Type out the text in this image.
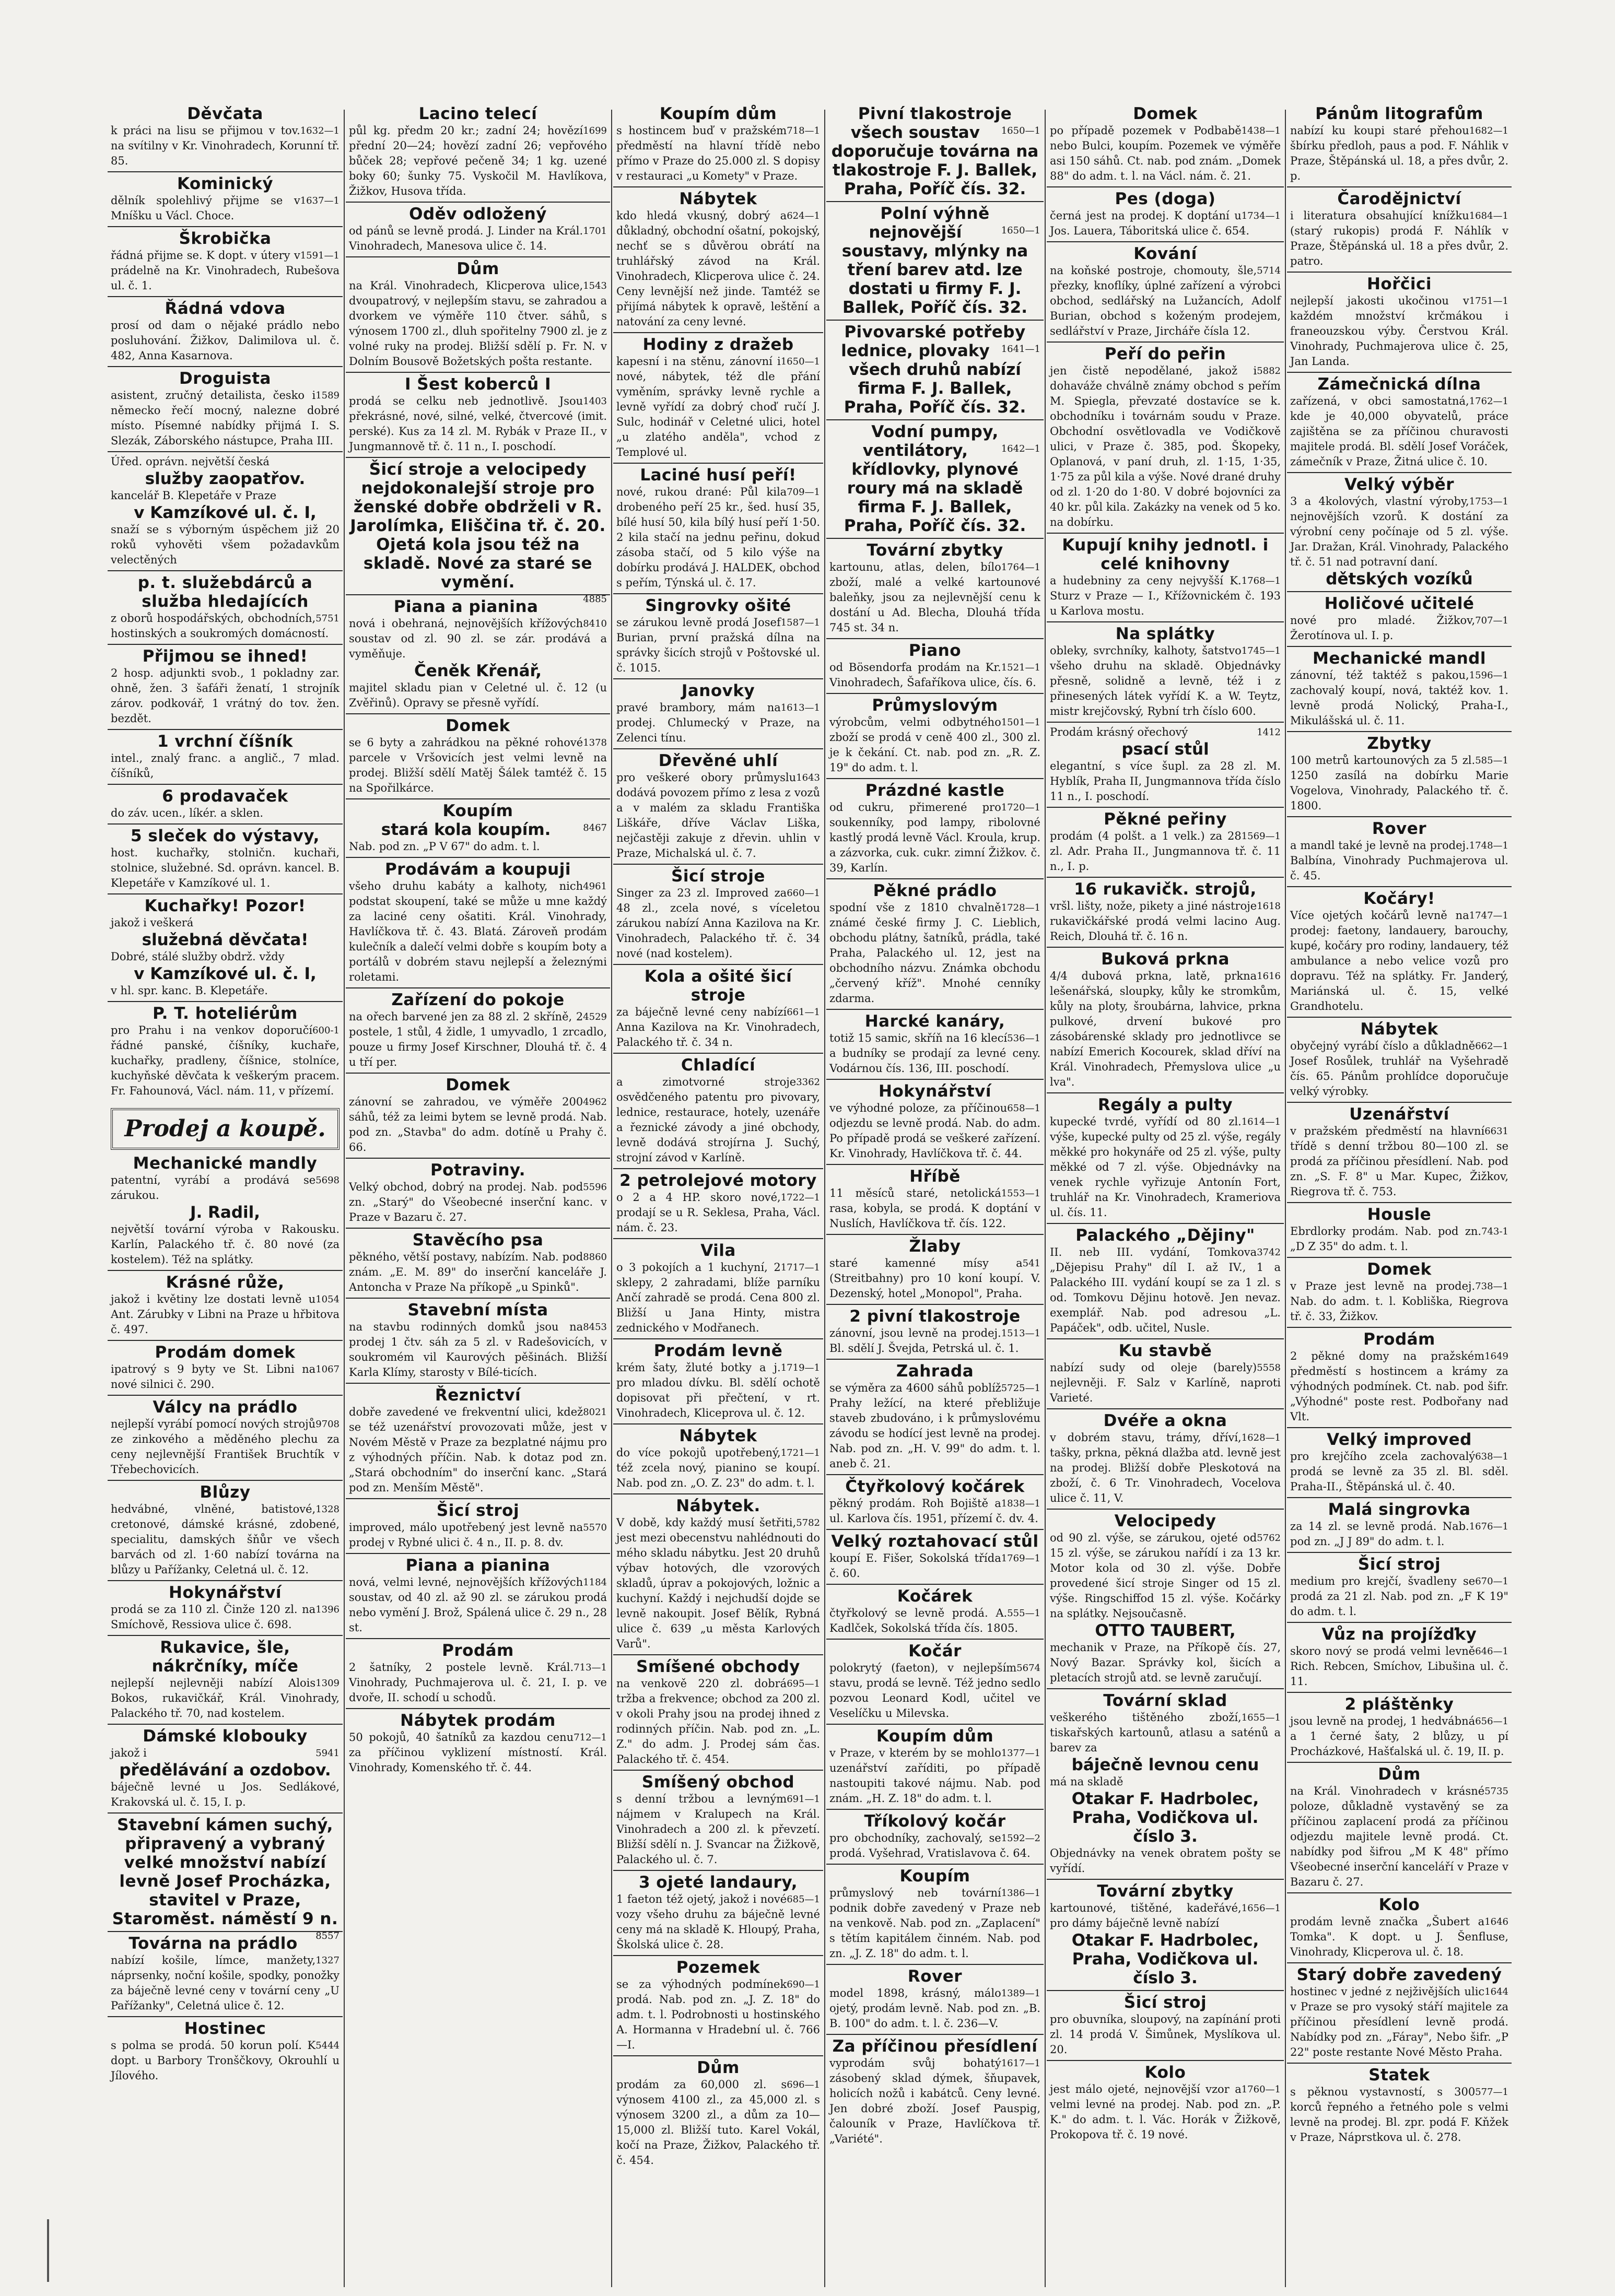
Děvčata

1632—1
k práci na lisu se přijmou v tov. na svítilny v Kr. Vinohradech, Korunní tř. 85.

Kominický

1637—1
dělník spolehlivý přijme se v Mníšku u Václ. Choce.

Škrobička

1591—1
řádná přijme se. K dopt. v útery v prádelně na Kr. Vinohradech, Rubešova ul. č. 1.

Řádná vdova

prosí od dam o nějaké prádlo nebo posluhování. Žižkov, Dalimilova ul. č. 482, Anna Kasarnova.

Droguista

1589
asistent, zručný detailista, česko i německo řečí mocný, nalezne dobré místo. Písemné nabídky přijmá I. S. Slezák, Záborského nástupce, Praha III.

Úřed. oprávn. největší česká

služby zaopatřov.

kancelář B. Klepetáře v Praze

v Kamzíkové ul. č. I,

snaží se s výborným úspěchem již 20 roků vyhověti všem požadavkům velectěných

p. t. služebdárců a služba hledajících

5751
z oborů hospodářských, obchodních, hostinských a soukromých domácností.

Přijmou se ihned!

2 hosp. adjunkti svob., 1 pokladny zar. ohně, žen. 3 šafáři ženatí, 1 strojník zárov. podkovář, 1 vrátný do tov. žen. bezdět.

1 vrchní číšník

intel., znalý franc. a anglič., 7 mlad. číšníků,

6 prodavaček

do záv. ucen., líkér. a sklen.

5 sleček do výstavy,

host. kuchařky, stolničn. kuchaři, stolnice, služebné. Sd. oprávn. kancel. B. Klepetáře v Kamzíkové ul. 1.

Kuchařky! Pozor!

jakož i veškerá

služebná děvčata!

Dobré, stálé služby obdrž. vždy

v Kamzíkové ul. č. I,

v hl. spr. kanc. B. Klepetáře.

P. T. hoteliérům

600-1
pro Prahu i na venkov doporučí řádné panské, číšníky, kuchaře, kuchařky, pradleny, číšnice, stolníce, kuchyňské děvčata k veškerým pracem. Fr. Fahounová, Václ. nám. 11, v přízemí.

Prodej a koupě.
Mechanické mandly

5698
patentní, vyrábí a prodává se zárukou.

J. Radil,

největší tovární výroba v Rakousku. Karlín, Palackého tř. č. 80 nové (za kostelem). Též na splátky.

Krásné růže,

1054
jakož i květiny lze dostati levně u Ant. Zárubky v Libni na Praze u hřbitova č. 497.

Prodám domek

1067
ipatrový s 9 byty ve St. Libni na nové silnici č. 290.

Válcy na prádlo

9708
nejlepší vyrábí pomocí nových strojů ze zinkového a měděného plechu za ceny nejlevnější František Bruchtík v Třebechovicích.

Blůzy

1328
hedvábné, vlněné, batistové, cretonové, dámské krásné, zdobené, specialitu, damských šňůr ve všech barvách od zl. 1·60 nabízí továrna na blůzy u Pařížanky, Celetná ul. č. 12.

Hokynářství

1396
prodá se za 110 zl. Činže 120 zl. na Smíchově, Ressiova ulice č. 698.

Rukavice, šle, nákrčníky, míče

1309
nejlepší nejlevněji nabízí Alois Bokos, rukavičkář, Král. Vinohrady, Palackého tř. 70, nad kostelem.

Dámské klobouky

5941
jakož i

předělávání a ozdobov.

báječně levné u Jos. Sedlákové, Krakovská ul. č. 15, I. p.

Stavební kámen suchý, připravený a vybraný velké množství nabízí levně Josef Procházka, stavitel v Praze, Staroměst. náměstí 9 n.

8557

Továrna na prádlo

1327
nabízí košile, límce, manžety, náprsenky, noční košile, spodky, ponožky za báječně levné ceny v tovární ceny „U Pařížanky", Celetná ulice č. 12.

Hostinec

5444
s polma se prodá. 50 korun polí. K dopt. u Barbory Tronščkovy, Okrouhlí u Jílového.

Lacino telecí

1699
půl kg. předm 20 kr.; zadní 24; hovězí přední 20—24; hovězí zadní 26; vepřového bůček 28; vepřové pečeně 34; 1 kg. uzené boky 60; šunky 75. Vyskočil M. Havlíkova, Žižkov, Husova třída.

Oděv odložený

1701
od pánů se levně prodá. J. Linder na Král. Vinohradech, Manesova ulice č. 14.

Dům

1543
na Král. Vinohradech, Klicperova ulice, dvoupatrový, v nejlepším stavu, se zahradou a dvorkem ve výměře 110 čtver. sáhů, s výnosem 1700 zl., dluh spořitelny 7900 zl. je z volné ruky na prodej. Bližší sdělí p. Fr. N. v Dolním Bousově Božetských pošta restante.

I Šest koberců I

1403
prodá se celku neb jednotlivě. Jsou překrásné, nové, silné, velké, čtvercové (imit. perské). Kus za 14 zl. M. Rybák v Praze II., v Jungmannově tř. č. 11 n., I. poschodí.

Šicí stroje a velocipedy nejdokonalejší stroje pro ženské dobře obdrželi v R. Jarolímka, Eliščina tř. č. 20. Ojetá kola jsou též na skladě. Nové za staré se vymění.

4885

Piana a pianina

8410
nová i obehraná, nejnovějších křížových soustav od zl. 90 zl. se zár. prodává a vyměňuje.

Čeněk Křenář,

majitel skladu pian v Celetné ul. č. 12 (u Zvěřinů). Opravy se přesně vyřídí.

Domek

1378
se 6 byty a zahrádkou na pěkné rohové parcele v Vršovicích jest velmi levně na prodej. Bližší sdělí Matěj Šálek tamtéž č. 15 na Spořilkárce.

Koupím

8467

stará kola koupím.

Nab. pod zn. „P V 67" do adm. t. l.

Prodávám a koupuji

4961
všeho druhu kabáty a kalhoty, nich podstat skoupení, také se může u mne každý za laciné ceny ošatiti. Král. Vinohrady, Havlíčkova tř. č. 43. Blatá. Zároveň prodám kulečník a dalečí velmi dobře s koupím boty a portálů v dobrém stavu nejlepší a železnými roletami.

Zařízení do pokoje

4529
na ořech barvené jen za 88 zl. 2 skříně, 2 postele, 1 stůl, 4 židle, 1 umyvadlo, 1 zrcadlo, pouze u firmy Josef Kirschner, Dlouhá tř. č. 4 u tří per.

Domek

4962
zánovní se zahradou, ve výměře 200 sáhů, též za leimi bytem se levně prodá. Nab. pod zn. „Stavba" do adm. dotíně u Prahy č. 66.

Potraviny.

5596
Velký obchod, dobrý na prodej. Nab. pod zn. „Starý" do Všeobecné inserční kanc. v Praze v Bazaru č. 27.

Stavěcího psa

8860
pěkného, větší postavy, nabízím. Nab. pod znám. „E. M. 89" do inserční kanceláře J. Antoncha v Praze Na příkopě „u Spinků".

Stavební místa

8453
na stavbu rodinných domků jsou na prodej 1 čtv. sáh za 5 zl. v Radešovicích, v soukromém vil Kaurových pěšinách. Bližší Karla Klímy, starosty v Bílé-ticích.

Řeznictví

8021
dobře zavedené ve frekventní ulici, kdež se též uzenářství provozovati může, jest v Novém Městě v Praze za bezplatné nájmu pro z výhodných příčin. Nab. k dotaz pod zn. „Stará obchodním" do inserční kanc. „Stará pod zn. Menším Městě".

Šicí stroj

5570
improved, málo upotřebený jest levně na prodej v Rybné ulici č. 4 n., II. p. 8. dv.

Piana a pianina

1184
nová, velmi levné, nejnovějších křížových soustav, od 40 zl. až 90 zl. se zárukou prodá nebo vymění J. Brož, Spálená ulice č. 29 n., 28 st.

Prodám

713—1
2 šatníky, 2 postele levně. Král. Vinohrady, Puchmajerova ul. č. 21, I. p. ve dvoře, II. schodí u schodů.

Nábytek prodám

712—1
50 pokojů, 40 šatníků za kazdou cenu za příčinou vyklizení místností. Král. Vinohrady, Komenského tř. č. 44.

Koupím dům

718—1
s hostincem buď v pražském předměstí na hlavní třídě nebo přímo v Praze do 25.000 zl. S dopisy v restauraci „u Komety" v Praze.

Nábytek

624—1
kdo hledá vkusný, dobrý a důkladný, obchodní ošatní, pokojský, nechť se s důvěrou obrátí na truhlářský závod na Král. Vinohradech, Klicperova ulice č. 24. Ceny levnější než jinde. Tamtéž se přijímá nábytek k opravě, leštění a natování za ceny levné.

Hodiny z dražeb

1650—1
kapesní i na stěnu, zánovní i nové, nábytek, též dle přání vyměním, správky levně rychle a levně vyřídí za dobrý choď ručí J. Sulc, hodinář v Celetné ulici, hotel „u zlatého anděla", vchod z Templové ul.

Laciné husí peří!

709—1
nové, rukou drané: Půl kila drobeného peří 25 kr., šed. husí 35, bílé husí 50, kila bílý husí peří 1·50. 2 kila stačí na jednu peřinu, dokud zásoba stačí, od 5 kilo výše na dobírku prodává J. HALDEK, obchod s peřím, Týnská ul. č. 17.

Singrovky ošité

1587—1
se zárukou levně prodá Josef Burian, první pražská dílna na správky šicích strojů v Poštovské ul. č. 1015.

Janovky

1613—1
pravé brambory, mám na prodej. Chlumecký v Praze, na Zelenci tínu.

Dřevěné uhlí

1643
pro veškeré obory průmyslu dodává povozem přímo z lesa z vozů a v malém za skladu Františka Liškáře, dříve Václav Liška, nejčastěji zakuje z dřevin. uhlin v Praze, Michalská ul. č. 7.

Šicí stroje

660—1
Singer za 23 zl. Improved za 48 zl., zcela nové, s víceletou zárukou nabízí Anna Kazilova na Kr. Vinohradech, Palackého tř. č. 34 nové (nad kostelem).

Kola a ošité šicí stroje

661—1
za báječně levné ceny nabízí Anna Kazilova na Kr. Vinohradech, Palackého tř. č. 34 n.

Chladící

3362
a zimotvorné stroje osvědčeného patentu pro pivovary, lednice, restaurace, hotely, uzenáře a řeznické závody a jiné obchody, levně dodává strojírna J. Suchý, strojní závod v Karlíně.

2 petrolejové motory

1722—1
o 2 a 4 HP. skoro nové, prodají se u R. Seklesa, Praha, Václ. nám. č. 23.

Vila

1717—1
o 3 pokojích a 1 kuchyní, 2 sklepy, 2 zahradami, blíže parníku Ančí zahradě se prodá. Cena 800 zl. Bližší u Jana Hinty, mistra zednického v Modřanech.

Prodám levně

1719—1
krém šaty, žluté botky a j. pro mladou dívku. Bl. sdělí ochotě dopisovat při přečtení, v rt. Vinohradech, Kliceprova ul. č. 12.

Nábytek

1721—1
do více pokojů upotřebený, též zcela nový, pianino se koupí. Nab. pod zn. „O. Z. 23" do adm. t. l.

Nábytek.

5782
V době, kdy každý musí šetřiti, jest mezi obecenstvu nahlédnouti do mého skladu nábytku. Jest 20 druhů výbav hotových, dle vzorových skladů, úprav a pokojových, ložnic a kuchyní. Každý i nejchudší dojde se levně nakoupit. Josef Bělík, Rybná ulice č. 639 „u města Karlových Varů".

Smíšené obchody

695—1
na venkově 220 zl. dobrá tržba a frekvence; obchod za 200 zl. v okoli Prahy jsou na prodej ihned z rodinných příčin. Nab. pod zn. „L. Z." do adm. J. Prodej sám čas. Palackého tř. č. 454.

Smíšený obchod

691—1
s denní tržbou a levným nájmem v Kralupech na Král. Vinohradech a 200 zl. k převzetí. Bližší sdělí n. J. Svancar na Žižkově, Palackého ul. č. 7.

3 ojeté landaury,

685—1
1 faeton též ojetý, jakož i nové vozy všeho druhu za báječně levné ceny má na skladě K. Hloupý, Praha, Školská ulice č. 28.

Pozemek

690—1
se za výhodných podmínek prodá. Nab. pod zn. „J. Z. 18" do adm. t. l. Podrobnosti u hostinského A. Hormanna v Hradební ul. č. 766—I.

Dům

696—1
prodám za 60,000 zl. s výnosem 4100 zl., za 45,000 zl. s výnosem 3200 zl., a dům za 10—15,000 zl. Bližší tuto. Karel Vokál, kočí na Praze, Žižkov, Palackého tř. č. 454.

Pivní tlakostroje

1650—1

všech soustav doporučuje továrna na tlakostroje F. J. Ballek, Praha, Poříč čís. 32.

Polní výhně

1650—1

nejnovější soustavy, mlýnky na tření barev atd. lze dostati u firmy F. J. Ballek, Poříč čís. 32.

Pivovarské potřeby

1641—1

lednice, plovaky všech druhů nabízí firma F. J. Ballek, Praha, Poříč čís. 32.

Vodní pumpy,

1642—1

ventilátory, křídlovky, plynové roury má na skladě firma F. J. Ballek, Praha, Poříč čís. 32.

Tovární zbytky

1764—1
kartounu, atlas, delen, bílo zboží, malé a velké kartounové baleňky, jsou za nejlevnější cenu k dostání u Ad. Blecha, Dlouhá třída 745 st. 34 n.

Piano

1521—1
od Bösendorfa prodám na Kr. Vinohradech, Šafaříkova ulice, čís. 6.

Průmyslovým

1501—1
výrobcům, velmi odbytného zboží se prodá v ceně 400 zl., 300 zl. je k čekání. Ct. nab. pod zn. „R. Z. 19" do adm. t. l.

Prázdné kastle

1720—1
od cukru, přimerené pro soukenníky, pod lampy, ribolovné kastlý prodá levně Václ. Kroula, krup. a zázvorka, cuk. cukr. zimní Žižkov. č. 39, Karlín.

Pěkné prádlo

1728—1
spodní vše z 1810 chvalně známé české firmy J. C. Lieblich, obchodu plátny, šatníků, prádla, také Praha, Palackého ul. 12, jest na obchodního názvu. Známka obchodu „červený kříž". Mnohé cenníky zdarma.

Harcké kanáry,

536—1
totiž 15 samic, skříň na 16 klecí a budníky se prodají za levné ceny. Vodárnou čís. 136, III. poschodí.

Hokynářství

658—1
ve výhodné poloze, za příčinou odjezdu se levně prodá. Nab. do adm. Po případě prodá se veškeré zařízení. Kr. Vinohrady, Havlíčkova tř. č. 44.

Hříbě

1553—1
11 měsíců staré, netolická rasa, kobyla, se prodá. K doptání v Nuslích, Havlíčkova tř. čís. 122.

Žlaby

541
staré kamenné mísy a (Streitbahny) pro 10 koní koupí. V. Dezenský, hotel „Monopol", Praha.

2 pivní tlakostroje

1513—1
zánovní, jsou levně na prodej. Bl. sdělí J. Švejda, Petrská ul. č. 1.

Zahrada

5725—1
se výměra za 4600 sáhů poblíž Prahy ležící, na které přebližuje staveb zbudováno, i k průmyslovému závodu se hodící jest levně na prodej. Nab. pod zn. „H. V. 99" do adm. t. l. aneb č. 21.

Čtyřkolový kočárek

1838—1
pěkný prodám. Roh Bojiště a ul. Karlova čís. 1951, přízemí č. dv. 4.

Velký roztahovací stůl

1769—1
koupí E. Fišer, Sokolská třída č. 60.

Kočárek

555—1
čtyřkolový se levně prodá. A. Kadlček, Sokolská třída čís. 1805.

Kočár

5674
polokrytý (faeton), v nejlepším stavu, prodá se levně. Též jedno sedlo pozvou Leonard Kodl, učitel ve Veselíčku u Milevska.

Koupím dům

1377—1
v Praze, v kterém by se mohlo uzenářství zaříditi, po případě nastoupiti takové nájmu. Nab. pod znám. „H. Z. 18" do adm. t. l.

Tříkolový kočár

1592—2
pro obchodníky, zachovalý, se prodá. Vyšehrad, Vratislavova č. 64.

Koupím

1386—1
průmyslový neb tovární podnik dobře zavedený v Praze neb na venkově. Nab. pod zn. „Zaplacení" s tětím kapitálem činném. Nab. pod zn. „J. Z. 18" do adm. t. l.

Rover

1389—1
model 1898, krásný, málo ojetý, prodám levně. Nab. pod zn. „B. B. 100" do adm. t. l. č. 236—V.

Za příčinou přesídlení

1617—1
vyprodám svůj bohatý zásobený sklad dýmek, šňupavek, holicích nožů i kabátců. Ceny levné. Jen dobré zboží. Josef Pauspig, čalouník v Praze, Havlíčkova tř. „Variété".

Domek

1438—1
po případě pozemek v Podbabě nebo Bulci, koupím. Pozemek ve výměře asi 150 sáhů. Ct. nab. pod znám. „Domek 88" do adm. t. l. na Václ. nám. č. 21.

Pes (doga)

1734—1
černá jest na prodej. K doptání u Jos. Lauera, Táboritská ulice č. 654.

Kování

5714
na koňské postroje, chomouty, šle, přezky, knoflíky, úplné zařízení a výrobci obchod, sedlářský na Lužancích, Adolf Burian, obchod s koženým prodejem, sedlářství v Praze, Jircháře čísla 12.

Peří do peřin

5882
jen čistě nepodělané, jakož i dohaváže chválně známy obchod s peřím M. Spiegla, převzaté dostavíce se k. obchodníku i továrnám soudu v Praze. Obchodní osvětlovadla ve Vodičkově ulici, v Praze č. 385, pod. Škopeky, Oplanová, v paní druh, zl. 1·15, 1·35, 1·75 za půl kila a výše. Nové drané druhy od zl. 1·20 do 1·80. V dobré bojovníci za 40 kr. půl kila. Zakázky na venek od 5 ko. na dobírku.

Kupují knihy jednotl. i celé knihovny

1768—1
a hudebniny za ceny nejvyšší K. Sturz v Praze — I., Křížovnickém č. 193 u Karlova mostu.

Na splátky

1745—1
obleky, svrchníky, kalhoty, šatstvo všeho druhu na skladě. Objednávky přesně, solidně a levně, též i z přinesených látek vyřídí K. a W. Teytz, mistr krejčovský, Rybní trh číslo 600.

1412
Prodám krásný ořechový

psací stůl

elegantní, s více šupl. za 28 zl. M. Hyblík, Praha II, Jungmannova třída číslo 11 n., I. poschodí.

Pěkné peřiny

1569—1
prodám (4 polšt. a 1 velk.) za 28 zl. Adr. Praha II., Jungmannova tř. č. 11 n., I. p.

16 rukavičk. strojů,

1618
vršl. lišty, nože, pikety a jiné nástroje rukavičkářské prodá velmi lacino Aug. Reich, Dlouhá tř. č. 16 n.

Buková prkna

1616
4/4 dubová prkna, latě, prkna lešenářská, sloupky, kůly ke stromkům, kůly na ploty, šroubárna, lahvice, prkna pulkové, drvení bukové pro zásobárenské sklady pro jednotlivce se nabízí Emerich Kocourek, sklad dříví na Král. Vinohradech, Přemyslova ulice „u lva".

Regály a pulty

1614—1
kupecké tvrdé, vyřídí od 80 zl. výše, kupecké pulty od 25 zl. výše, regály měkké pro hokynáře od 25 zl. výše, pulty měkké od 7 zl. výše. Objednávky na venek rychle vyřizuje Antonín Fort, truhlář na Kr. Vinohradech, Krameriova ul. čís. 11.

Palackého „Dějiny"

3742
II. neb III. vydání, Tomkova „Dějepisu Prahy" díl I. až IV., 1 a Palackého III. vydání koupí se za 1 zl. s od. Tomkovu Dějinu hotově. Jen nevaz. exemplář. Nab. pod adresou „L. Papáček", odb. učitel, Nusle.

Ku stavbě

5558
nabízí sudy od oleje (barely) nejlevněji. F. Salz v Karlíně, naproti Varieté.

Dvéře a okna

1628—1
v dobrém stavu, trámy, dříví, tašky, prkna, pěkná dlažba atd. levně jest na prodej. Bližší dobře Pleskotová na zboží, č. 6 Tr. Vinohradech, Vocelova ulice č. 11, V.

Velocipedy

5762
od 90 zl. výše, se zárukou, ojeté od 15 zl. výše, se zárukou nařídí i za 13 kr. Motor kola od 30 zl. výše. Dobře provedené šicí stroje Singer od 15 zl. výše. Ringschiffod 15 zl. výše. Kočárky na splátky. Nejsoučasně.

OTTO TAUBERT,

mechanik v Praze, na Příkopě čís. 27, Nový Bazar. Správky kol, šicích a pletacích strojů atd. se levně zaručují.

Tovární sklad

1655—1
veškerého tištěného zboží, tiskařských kartounů, atlasu a saténů a barev za

báječně levnou cenu

má na skladě

Otakar F. Hadrbolec, Praha, Vodičkova ul. číslo 3.

Objednávky na venek obratem pošty se vyřídí.

Tovární zbytky

1656—1
kartounové, tištěné, kadeřávé, pro dámy báječně levně nabízí

Otakar F. Hadrbolec, Praha, Vodičkova ul. číslo 3.

Šicí stroj

pro obuvníka, sloupový, na zapínání proti zl. 14 prodá V. Šimůnek, Myslíkova ul. 20.

Kolo

1760—1
jest málo ojeté, nejnovější vzor a velmi levné na prodej. Nab. pod zn. „P. K." do adm. t. l. Vác. Horák v Žižkově, Prokopova tř. č. 19 nové.

Pánům litografům

1682—1
nabízí ku koupi staré přehou šbírku předloh, paus a pod. F. Náhlik v Praze, Štěpánská ul. 18, a přes dvůr, 2. p.

Čarodějnictví

1684—1
i literatura obsahující knížku (starý rukopis) prodá F. Náhlík v Praze, Štěpánská ul. 18 a přes dvůr, 2. patro.

Hořčici

1751—1
nejlepší jakosti ukočinou v každém množství krčmákou i franeouzskou výby. Čerstvou Král. Vinohrady, Puchmajerova ulice č. 25, Jan Landa.

Zámečnická dílna

1762—1
zařízená, v obci samostatná, kde je 40,000 obyvatelů, práce zajištěna se za příčinou churavosti majitele prodá. Bl. sdělí Josef Voráček, zámečník v Praze, Žitná ulice č. 10.

Velký výběr

1753—1
3 a 4kolových, vlastní výroby, nejnovějších vzorů. K dostání za výrobní ceny počínaje od 5 zl. výše. Jar. Dražan, Král. Vinohrady, Palackého tř. č. 51 nad potravní daní.

dětských vozíků

Holičové učitelé

707—1
nové pro mladé. Žižkov, Žerotínova ul. I. p.

Mechanické mandl

1596—1
zánovní, též taktéž s pakou, zachovalý koupí, nová, taktéž kov. 1. levně prodá Nolický, Praha-I., Mikulášská ul. č. 11.

Zbytky

585—1
100 metrů kartounových za 5 zl. 1250 zasílá na dobírku Marie Vogelova, Vinohrady, Palackého tř. č. 1800.

Rover

1748—1
a mandl také je levně na prodej. Balbína, Vinohrady Puchmajerova ul. č. 45.

Kočáry!

1747—1
Více ojetých kočárů levně na prodej: faetony, landauery, barouchy, kupé, kočáry pro rodiny, landauery, též ambulance a nebo velice vozů pro dopravu. Též na splátky. Fr. Janderý, Mariánská ul. č. 15, velké Grandhotelu.

Nábytek

662—1
obyčejný vyrábí číslo a důkladně Josef Rosůlek, truhlář na Vyšehradě čís. 65. Pánům prohlídce doporučuje velký výrobky.

Uzenářství

6631
v pražském předměstí na hlavní třídě s denní tržbou 80—100 zl. se prodá za příčinou přesídlení. Nab. pod zn. „S. F. 8" u Mar. Kupec, Žižkov, Riegrova tř. č. 753.

Housle

743-1
Ebrdlorky prodám. Nab. pod zn. „D Z 35" do adm. t. l.

Domek

738—1
v Praze jest levně na prodej. Nab. do adm. t. l. Kobliška, Riegrova tř. č. 33, Žižkov.

Prodám

1649
2 pěkné domy na pražském předměstí s hostincem a krámy za výhodných podmínek. Ct. nab. pod šifr. „Výhodné" poste rest. Podbořany nad Vlt.

Velký improved

638—1
pro krejčího zcela zachovalý prodá se levně za 35 zl. Bl. sděl. Praha-II., Štěpánská ul. č. 40.

Malá singrovka

1676—1
za 14 zl. se levně prodá. Nab. pod zn. „J J 89" do adm. t. l.

Šicí stroj

670—1
medium pro krejčí, švadleny se prodá za 21 zl. Nab. pod zn. „F K 19" do adm. t. l.

Vůz na projížďky

646—1
skoro nový se prodá velmi levně Rich. Rebcen, Smíchov, Libušina ul. č. 11.

2 pláštěnky

656—1
jsou levně na prodej, 1 hedvábná a 1 černé šaty, 2 blůzy, u pí Procházkové, Hašťalská ul. č. 19, II. p.

Dům

5735
na Král. Vinohradech v krásné poloze, důkladně vystavěný se za příčinou zaplacení prodá za příčinou odjezdu majitele levně prodá. Ct. nabídky pod šifrou „M K 48" přímo Všeobecné inserční kanceláří v Praze v Bazaru č. 27.

Kolo

1646
prodám levně značka „Šubert a Tomka". K dopt. u J. Šenfluse, Vinohrady, Klicperova ul. č. 18.

Starý dobře zavedený

1644
hostinec v jedné z nejživějších ulic v Praze se pro vysoký stáří majitele za příčinou přesídlení levně prodá. Nabídky pod zn. „Fáray", Nebo šifr. „P 22" poste restante Nové Město Praha.

Statek

577—1
s pěknou vystavností, s 300 korců řepného a řetného pole s velmi levně na prodej. Bl. zpr. podá F. Kňžek v Praze, Náprstkova ul. č. 278.
